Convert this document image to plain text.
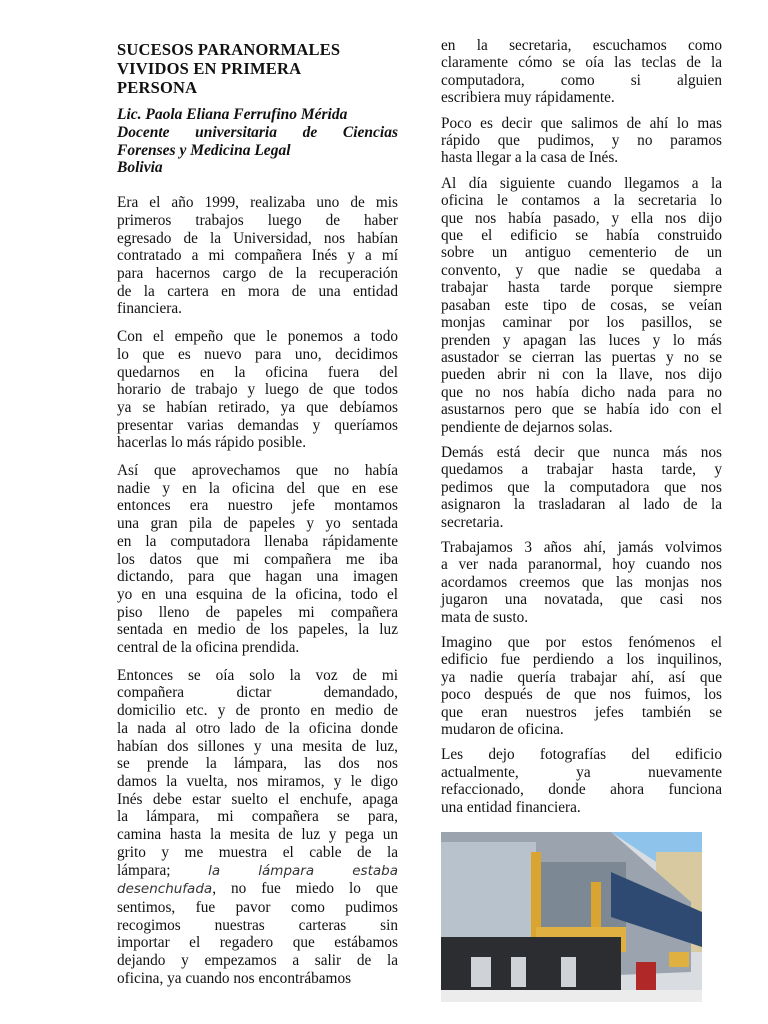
SUCESOS PARANORMALES
VIVIDOS EN PRIMERA
PERSONA
Lic. Paola Eliana Ferrufino Mérida
Docente universitaria de Ciencias
Forenses y Medicina Legal
Bolivia
Era el año 1999, realizaba uno de mis
primeros trabajos luego de haber
egresado de la Universidad, nos habían
contratado a mi compañera Inés y a mí
para hacernos cargo de la recuperación
de la cartera en mora de una entidad
financiera.
Con el empeño que le ponemos a todo
lo que es nuevo para uno, decidimos
quedarnos en la oficina fuera del
horario de trabajo y luego de que todos
ya se habían retirado, ya que debíamos
presentar varias demandas y queríamos
hacerlas lo más rápido posible.
Así que aprovechamos que no había
nadie y en la oficina del que en ese
entonces era nuestro jefe montamos
una gran pila de papeles y yo sentada
en la computadora llenaba rápidamente
los datos que mi compañera me iba
dictando, para que hagan una imagen
yo en una esquina de la oficina, todo el
piso lleno de papeles mi compañera
sentada en medio de los papeles, la luz
central de la oficina prendida.
Entonces se oía solo la voz de mi
compañera dictar demandado,
domicilio etc. y de pronto en medio de
la nada al otro lado de la oficina donde
habían dos sillones y una mesita de luz,
se prende la lámpara, las dos nos
damos la vuelta, nos miramos, y le digo
Inés debe estar suelto el enchufe, apaga
la lámpara, mi compañera se para,
camina hasta la mesita de luz y pega un
grito y me muestra el cable de la
lámpara; la lámpara estaba
desenchufada, no fue miedo lo que
sentimos, fue pavor como pudimos
recogimos nuestras carteras sin
importar el regadero que estábamos
dejando y empezamos a salir de la
oficina, ya cuando nos encontrábamos
en la secretaria, escuchamos como
claramente cómo se oía las teclas de la
computadora, como si alguien
escribiera muy rápidamente.
Poco es decir que salimos de ahí lo mas
rápido que pudimos, y no paramos
hasta llegar a la casa de Inés.
Al día siguiente cuando llegamos a la
oficina le contamos a la secretaria lo
que nos había pasado, y ella nos dijo
que el edificio se había construido
sobre un antiguo cementerio de un
convento, y que nadie se quedaba a
trabajar hasta tarde porque siempre
pasaban este tipo de cosas, se veían
monjas caminar por los pasillos, se
prenden y apagan las luces y lo más
asustador se cierran las puertas y no se
pueden abrir ni con la llave, nos dijo
que no nos había dicho nada para no
asustarnos pero que se había ido con el
pendiente de dejarnos solas.
Demás está decir que nunca más nos
quedamos a trabajar hasta tarde, y
pedimos que la computadora que nos
asignaron la trasladaran al lado de la
secretaria.
Trabajamos 3 años ahí, jamás volvimos
a ver nada paranormal, hoy cuando nos
acordamos creemos que las monjas nos
jugaron una novatada, que casi nos
mata de susto.
Imagino que por estos fenómenos el
edificio fue perdiendo a los inquilinos,
ya nadie quería trabajar ahí, así que
poco después de que nos fuimos, los
que eran nuestros jefes también se
mudaron de oficina.
Les dejo fotografías del edificio
actualmente, ya nuevamente
refaccionado, donde ahora funciona
una entidad financiera.
